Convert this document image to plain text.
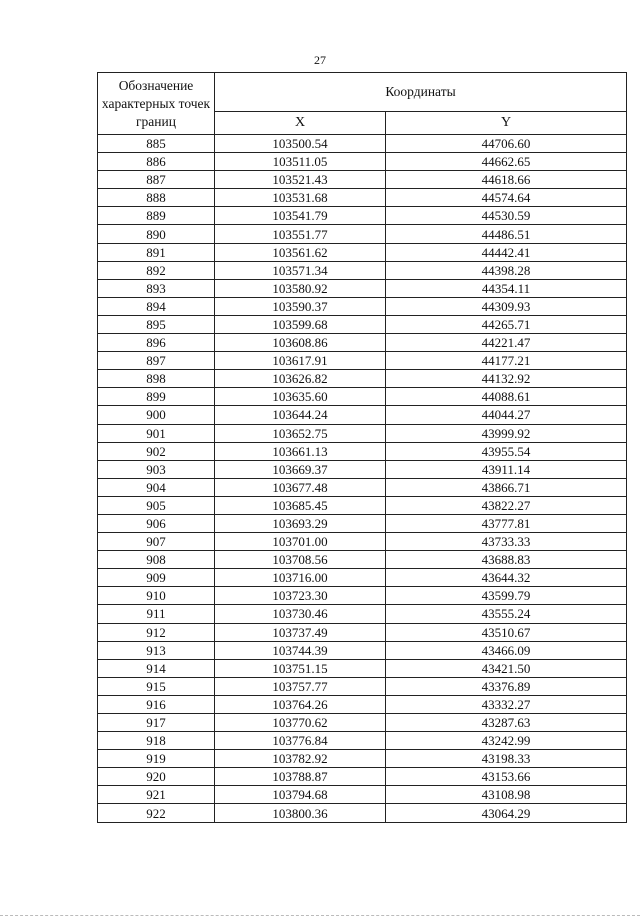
27
Обозначение характерных точек границ	Координаты	
	X	Y
885	103500.54	44706.60
886	103511.05	44662.65
887	103521.43	44618.66
888	103531.68	44574.64
889	103541.79	44530.59
890	103551.77	44486.51
891	103561.62	44442.41
892	103571.34	44398.28
893	103580.92	44354.11
894	103590.37	44309.93
895	103599.68	44265.71
896	103608.86	44221.47
897	103617.91	44177.21
898	103626.82	44132.92
899	103635.60	44088.61
900	103644.24	44044.27
901	103652.75	43999.92
902	103661.13	43955.54
903	103669.37	43911.14
904	103677.48	43866.71
905	103685.45	43822.27
906	103693.29	43777.81
907	103701.00	43733.33
908	103708.56	43688.83
909	103716.00	43644.32
910	103723.30	43599.79
911	103730.46	43555.24
912	103737.49	43510.67
913	103744.39	43466.09
914	103751.15	43421.50
915	103757.77	43376.89
916	103764.26	43332.27
917	103770.62	43287.63
918	103776.84	43242.99
919	103782.92	43198.33
920	103788.87	43153.66
921	103794.68	43108.98
922	103800.36	43064.29
